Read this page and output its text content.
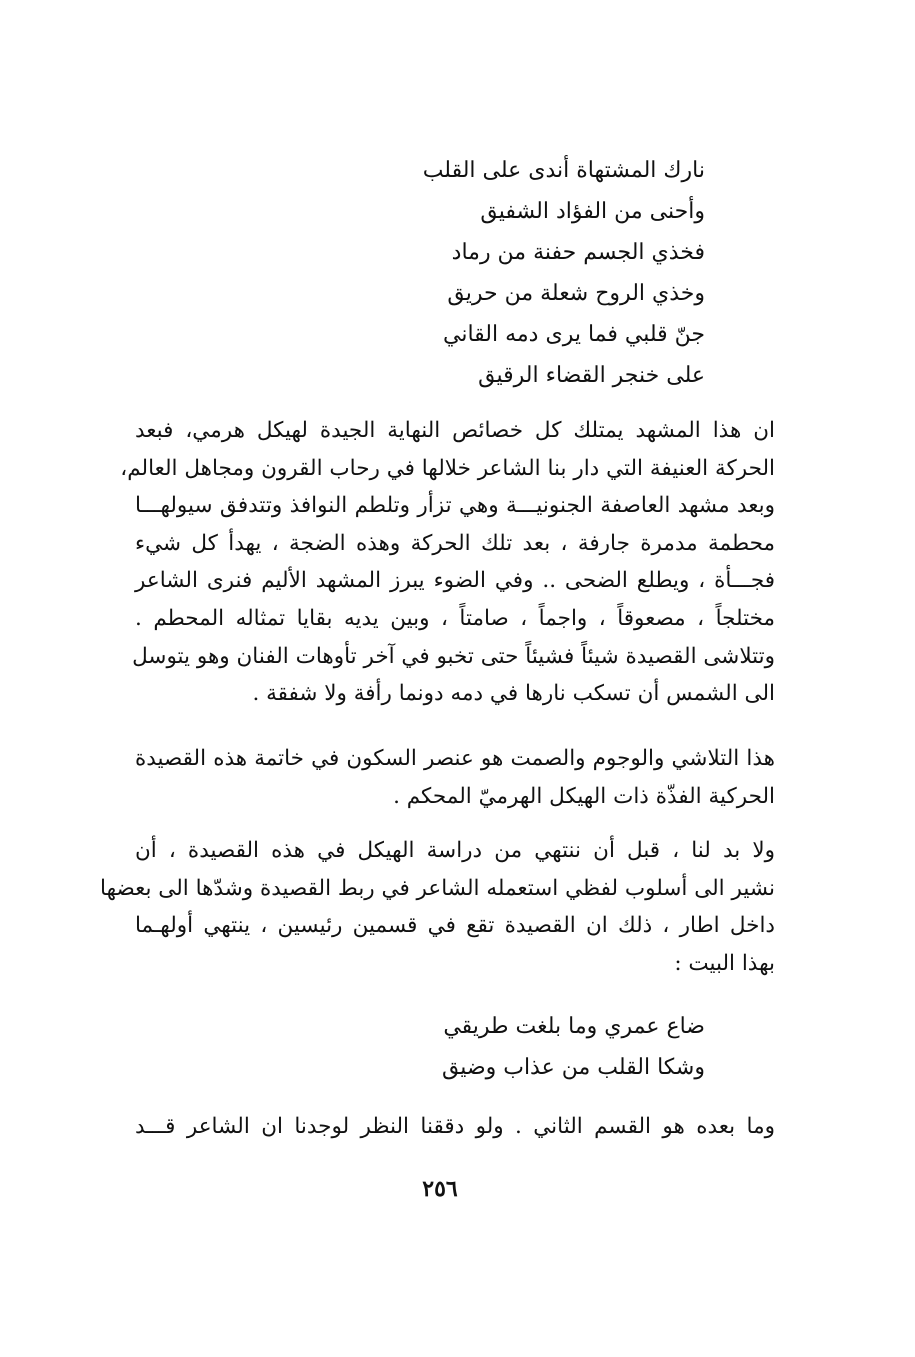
نارك المشتهاة أندى على القلب
وأحنى من الفؤاد الشفيق
فخذي الجسم حفنة من رماد
وخذي الروح شعلة من حريق
جنّ قلبي فما يرى دمه القاني
على خنجر القضاء الرقيق
ان هذا المشهد يمتلك كل خصائص النهاية الجيدة لهيكل هرمي، فبعد
الحركة العنيفة التي دار بنا الشاعر خلالها في رحاب القرون ومجاهل العالم،
وبعد مشهد العاصفة الجنونيـــة وهي تزأر وتلطم النوافذ وتتدفق سيولهـــا
محطمة مدمرة جارفة ، بعد تلك الحركة وهذه الضجة ، يهدأ كل شيء
فجـــأة ، ويطلع الضحى .. وفي الضوء يبرز المشهد الأليم فنرى الشاعر
مختلجاً ، مصعوقاً ، واجماً ، صامتاً ، وبين يديه بقايا تمثاله المحطم .
وتتلاشى القصيدة شيئاً فشيئاً حتى تخبو في آخر تأوهات الفنان وهو يتوسل
الى الشمس أن تسكب نارها في دمه دونما رأفة ولا شفقة .
هذا التلاشي والوجوم والصمت هو عنصر السكون في خاتمة هذه القصيدة
الحركية الفذّة ذات الهيكل الهرميّ المحكم .
ولا بد لنا ، قبل أن ننتهي من دراسة الهيكل في هذه القصيدة ، أن
نشير الى أسلوب لفظي استعمله الشاعر في ربط القصيدة وشدّها الى بعضها
داخل اطار ، ذلك ان القصيدة تقع في قسمين رئيسين ، ينتهي أولهـما
بهذا البيت :
ضاع عمري وما بلغت طريقي
وشكا القلب من عذاب وضيق
وما بعده هو القسم الثاني . ولو دققنا النظر لوجدنا ان الشاعر قـــد
٢٥٦
